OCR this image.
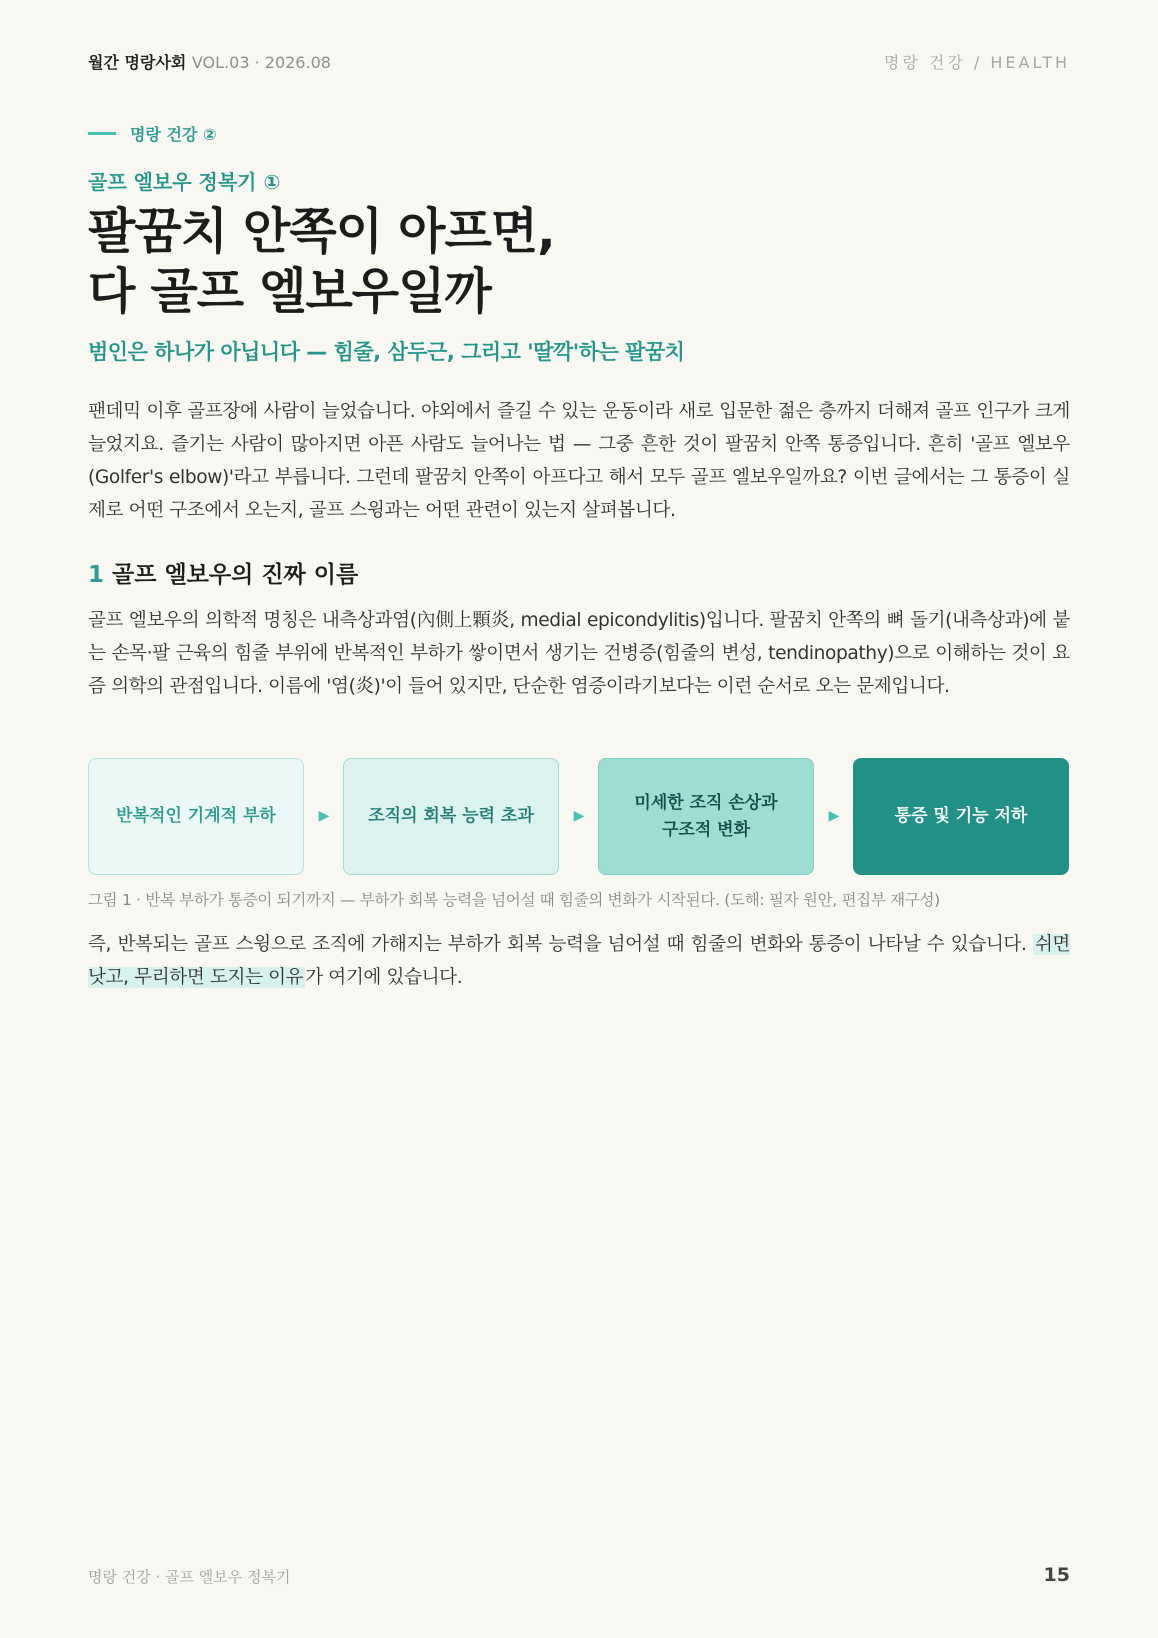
월간 명랑사회 VOL.03 · 2026.08	명랑 건강 / HEALTH
명랑 건강 ②
골프 엘보우 정복기 ①
팔꿈치 안쪽이 아프면,
다 골프 엘보우일까
범인은 하나가 아닙니다 — 힘줄, 삼두근, 그리고 '딸깍'하는 팔꿈치

팬데믹 이후 골프장에 사람이 늘었습니다. 야외에서 즐길 수 있는 운동이라 새로 입문한 젊은 층까지 더해져 골프 인구가 크게 늘었지요. 즐기는 사람이 많아지면 아픈 사람도 늘어나는 법 — 그중 흔한 것이 팔꿈치 안쪽 통증입니다. 흔히 '골프 엘보우(Golfer's elbow)'라고 부릅니다. 그런데 팔꿈치 안쪽이 아프다고 해서 모두 골프 엘보우일까요? 이번 글에서는 그 통증이 실제로 어떤 구조에서 오는지, 골프 스윙과는 어떤 관련이 있는지 살펴봅니다.

1 골프 엘보우의 진짜 이름

골프 엘보우의 의학적 명칭은 내측상과염(內側上顆炎, medial epicondylitis)입니다. 팔꿈치 안쪽의 뼈 돌기(내측상과)에 붙는 손목·팔 근육의 힘줄 부위에 반복적인 부하가 쌓이면서 생기는 건병증(힘줄의 변성, tendinopathy)으로 이해하는 것이 요즘 의학의 관점입니다. 이름에 '염(炎)'이 들어 있지만, 단순한 염증이라기보다는 이런 순서로 오는 문제입니다.

반복적인 기계적 부하	▶	조직의 회복 능력 초과	▶
미세한 조직 손상과 구조적 변화
▶	통증 및 기능 저하
그림 1 · 반복 부하가 통증이 되기까지 — 부하가 회복 능력을 넘어설 때 힘줄의 변화가 시작된다. (도해: 필자 원안, 편집부 재구성)

즉, 반복되는 골프 스윙으로 조직에 가해지는 부하가 회복 능력을 넘어설 때 힘줄의 변화와 통증이 나타날 수 있습니다. 쉬면 낫고, 무리하면 도지는 이유 가 여기에 있습니다.

명랑 건강 · 골프 엘보우 정복기	15
